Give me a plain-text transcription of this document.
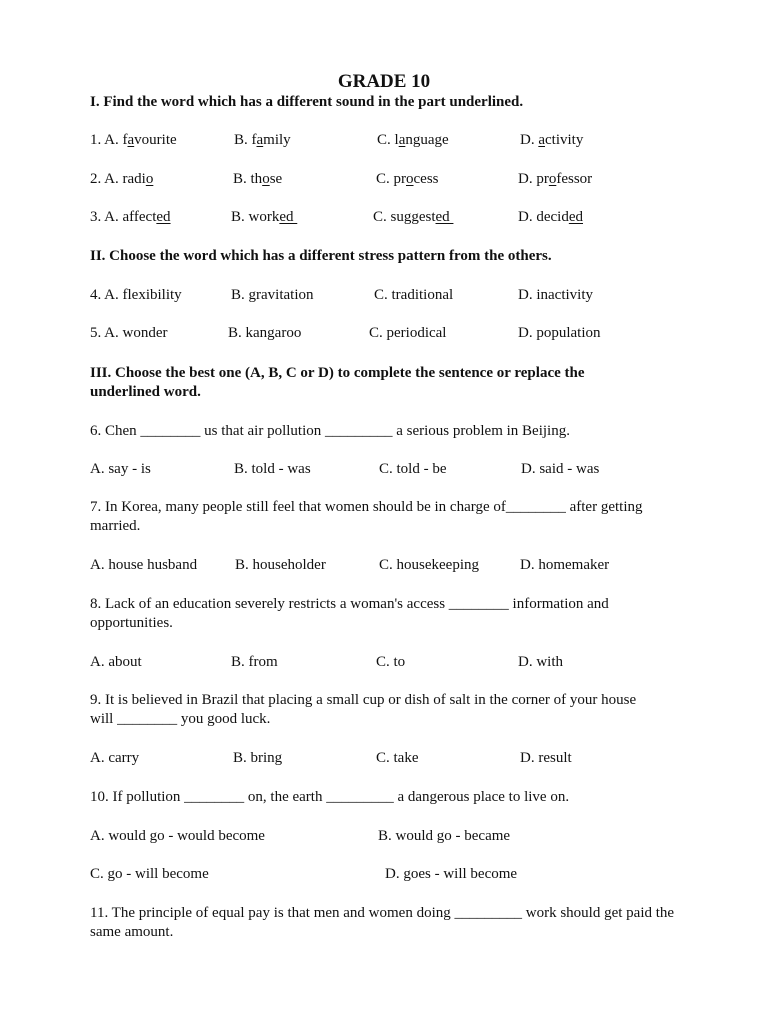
GRADE 10
I. Find the word which has a different sound in the part underlined.
1. A. favourite	B. family	C. language	D. activity
2. A. radio	B. those	C. process	D. professor
3. A. affected	B. worked	C. suggested	D. decided
II. Choose the word which has a different stress pattern from the others.
4. A. flexibility	B. gravitation	C. traditional	D. inactivity
5. A. wonder	B. kangaroo	C. periodical	D. population
III. Choose the best one (A, B, C or D) to complete the sentence or replace the underlined word.
6. Chen ________ us that air pollution _________ a serious problem in Beijing.
A. say - is	B. told - was	C. told - be	D. said - was
7. In Korea, many people still feel that women should be in charge of________ after getting married.
A. house husband	B. householder	C. housekeeping	D. homemaker
8. Lack of an education severely restricts a woman's access ________ information and opportunities.
A. about	B. from	C. to	D. with
9. It is believed in Brazil that placing a small cup or dish of salt in the corner of your house will ________ you good luck.
A. carry	B. bring	C. take	D. result
10. If pollution ________ on, the earth _________ a dangerous place to live on.
A. would go - would become	B. would go - became
C. go - will become	D. goes - will become
11. The principle of equal pay is that men and women doing _________ work should get paid the same amount.
